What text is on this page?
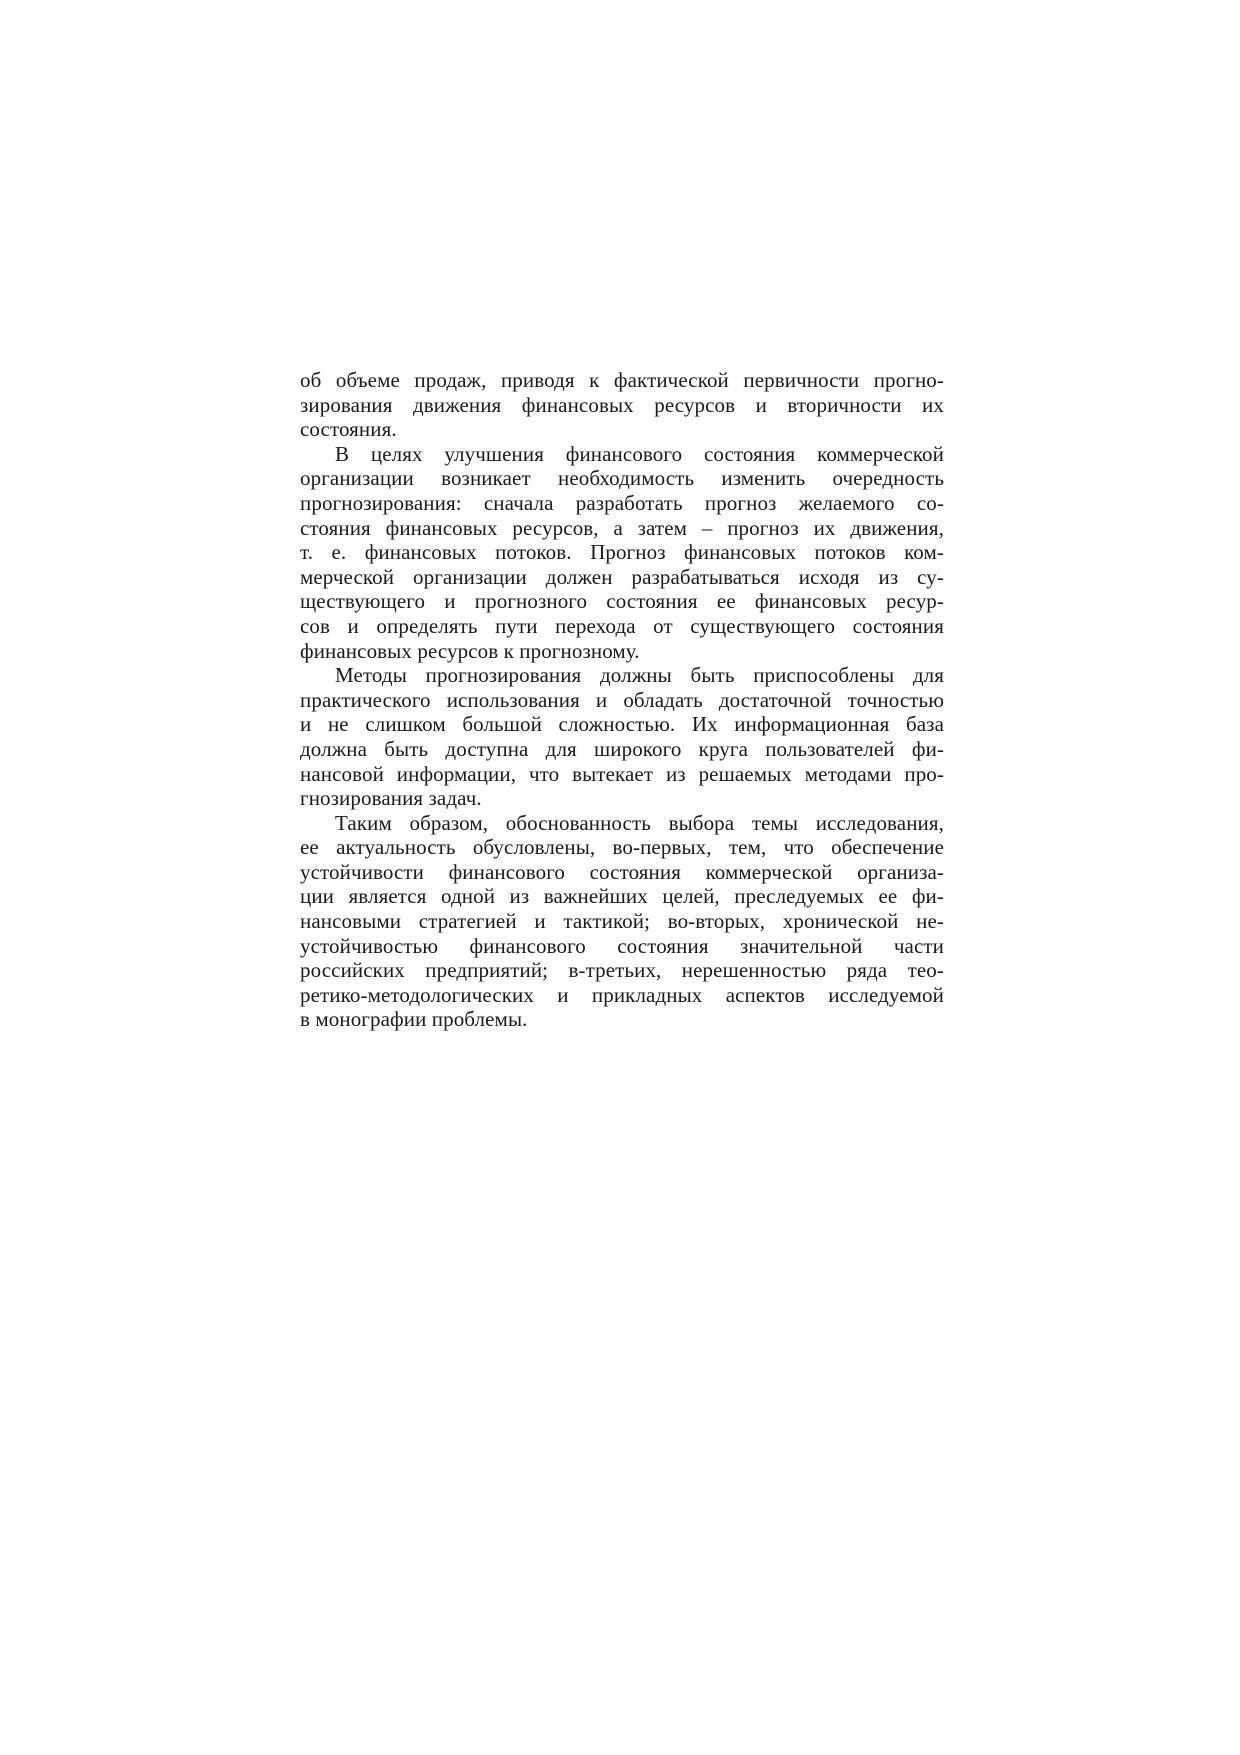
об объеме продаж, приводя к фактической первичности прогно-
зирования движения финансовых ресурсов и вторичности их
состояния.
В целях улучшения финансового состояния коммерческой
организации возникает необходимость изменить очередность
прогнозирования: сначала разработать прогноз желаемого со-
стояния финансовых ресурсов, а затем – прогноз их движения,
т. е. финансовых потоков. Прогноз финансовых потоков ком-
мерческой организации должен разрабатываться исходя из су-
ществующего и прогнозного состояния ее финансовых ресур-
сов и определять пути перехода от существующего состояния
финансовых ресурсов к прогнозному.
Методы прогнозирования должны быть приспособлены для
практического использования и обладать достаточной точностью
и не слишком большой сложностью. Их информационная база
должна быть доступна для широкого круга пользователей фи-
нансовой информации, что вытекает из решаемых методами про-
гнозирования задач.
Таким образом, обоснованность выбора темы исследования,
ее актуальность обусловлены, во-первых, тем, что обеспечение
устойчивости финансового состояния коммерческой организа-
ции является одной из важнейших целей, преследуемых ее фи-
нансовыми стратегией и тактикой; во-вторых, хронической не-
устойчивостью финансового состояния значительной части
российских предприятий; в-третьих, нерешенностью ряда тео-
ретико-методологических и прикладных аспектов исследуемой
в монографии проблемы.
